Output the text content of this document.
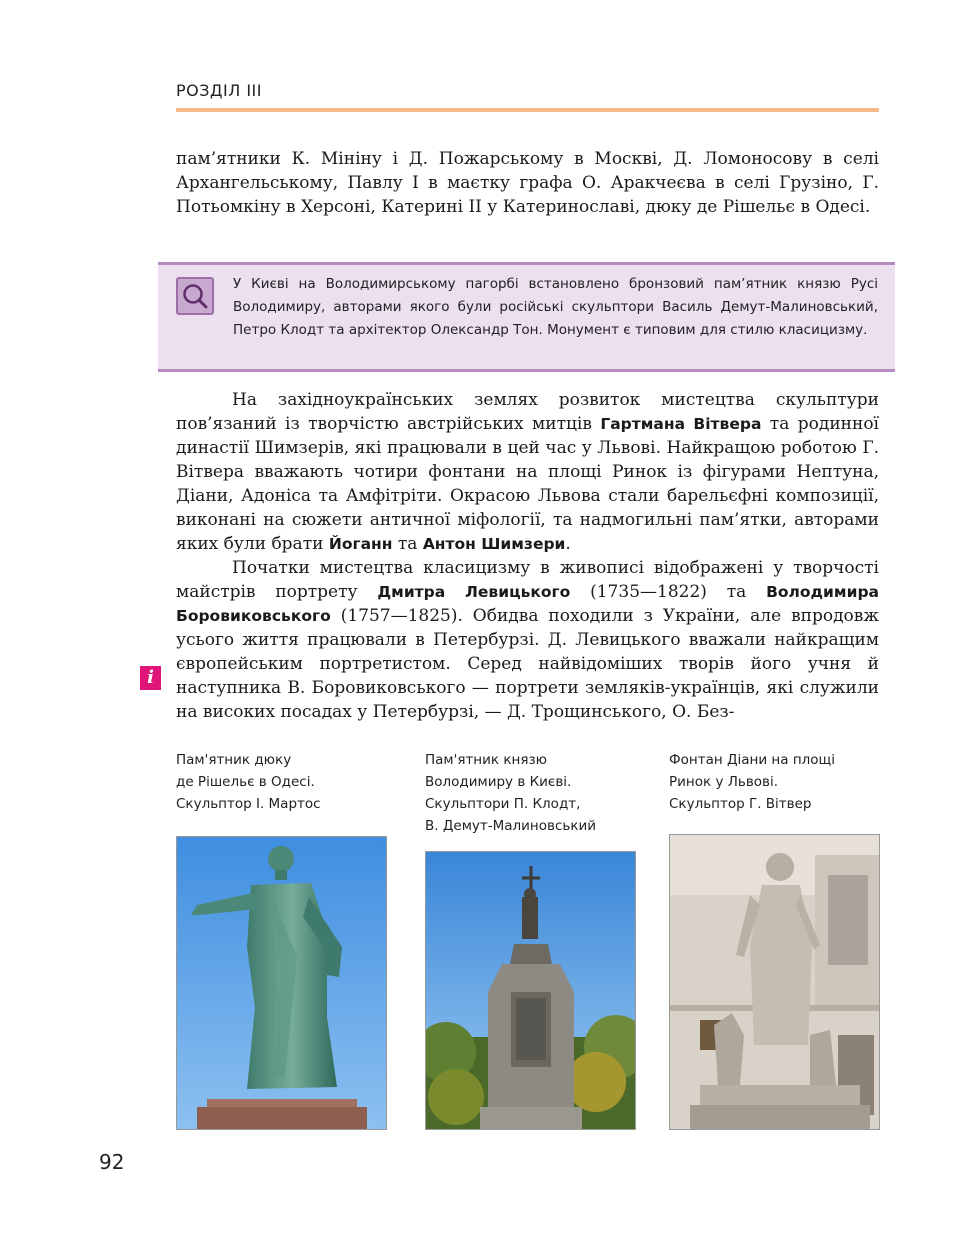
РОЗДІЛ ІІІ

пам’ятники К. Мініну і Д. Пожарському в Москві, Д. Ломоносову в селі Архангельському, Павлу І в маєтку графа О. Аракчеєва в селі Грузіно, Г. Потьомкіну в Херсоні, Катерині ІІ у Катеринославі, дюку де Рішельє в Одесі.

У Києві на Володимирському пагорбі встановлено бронзовий пам’ятник князю Русі Володимиру, авторами якого були російські скульптори Василь Демут-Малиновський, Петро Клодт та архітектор Олександр Тон. Монумент є типовим для стилю класицизму.

На західноукраїнських землях розвиток мистецтва скульптури пов’язаний із творчістю австрійських митців Гартмана Вітвера та родинної династії Шимзерів, які працювали в цей час у Львові. Найкращою роботою Г. Вітвера вважають чотири фонтани на площі Ринок із фігурами Нептуна, Діани, Адоніса та Амфітріти. Окрасою Львова стали барельєфні композиції, виконані на сюжети античної міфології, та надмогильні пам’ятки, авторами яких були брати Йоганн та Антон Шимзери.

Початки мистецтва класицизму в живописі відображені у творчості майстрів портрету Дмитра Левицького (1735—1822) та Володимира Боровиковського (1757—1825). Обидва походили з України, але впродовж усього життя працювали в Петербурзі. Д. Левицького вважали найкращим європейським портретистом. Серед найвідоміших творів його учня й наступника В. Боровиковського — портрети земляків-українців, які служили на високих посадах у Петербурзі, — Д. Трощинського, О. Без-

i

Пам'ятник дюку
де Рішельє в Одесі.
Скульптор І. Мартос

Пам'ятник князю
Володимиру в Києві.
Скульптори П. Клодт,
В. Демут-Малиновський

Фонтан Діани на площі
Ринок у Львові.
Скульптор Г. Вітвер

92
